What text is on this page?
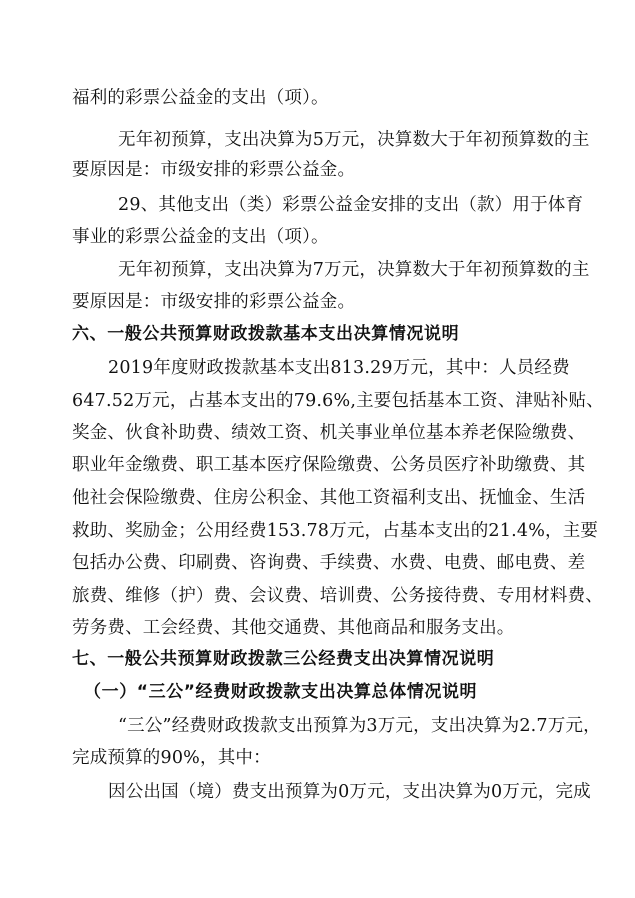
福利的彩票公益金的支出（项）。
无年初预算，支出决算为5万元，决算数大于年初预算数的主
要原因是：市级安排的彩票公益金。
29、其他支出（类）彩票公益金安排的支出（款）用于体育
事业的彩票公益金的支出（项）。
无年初预算，支出决算为7万元，决算数大于年初预算数的主
要原因是：市级安排的彩票公益金。
六、一般公共预算财政拨款基本支出决算情况说明
2019年度财政拨款基本支出813.29万元，其中：人员经费
647.52万元，占基本支出的79.6%,主要包括基本工资、津贴补贴、
奖金、伙食补助费、绩效工资、机关事业单位基本养老保险缴费、
职业年金缴费、职工基本医疗保险缴费、公务员医疗补助缴费、其
他社会保险缴费、住房公积金、其他工资福利支出、抚恤金、生活
救助、奖励金；公用经费153.78万元，占基本支出的21.4%，主要
包括办公费、印刷费、咨询费、手续费、水费、电费、邮电费、差
旅费、维修（护）费、会议费、培训费、公务接待费、专用材料费、
劳务费、工会经费、其他交通费、其他商品和服务支出。
七、一般公共预算财政拨款三公经费支出决算情况说明
（一）“三公”经费财政拨款支出决算总体情况说明
“三公”经费财政拨款支出预算为3万元，支出决算为2.7万元，
完成预算的90%，其中：
因公出国（境）费支出预算为0万元，支出决算为0万元，完成
